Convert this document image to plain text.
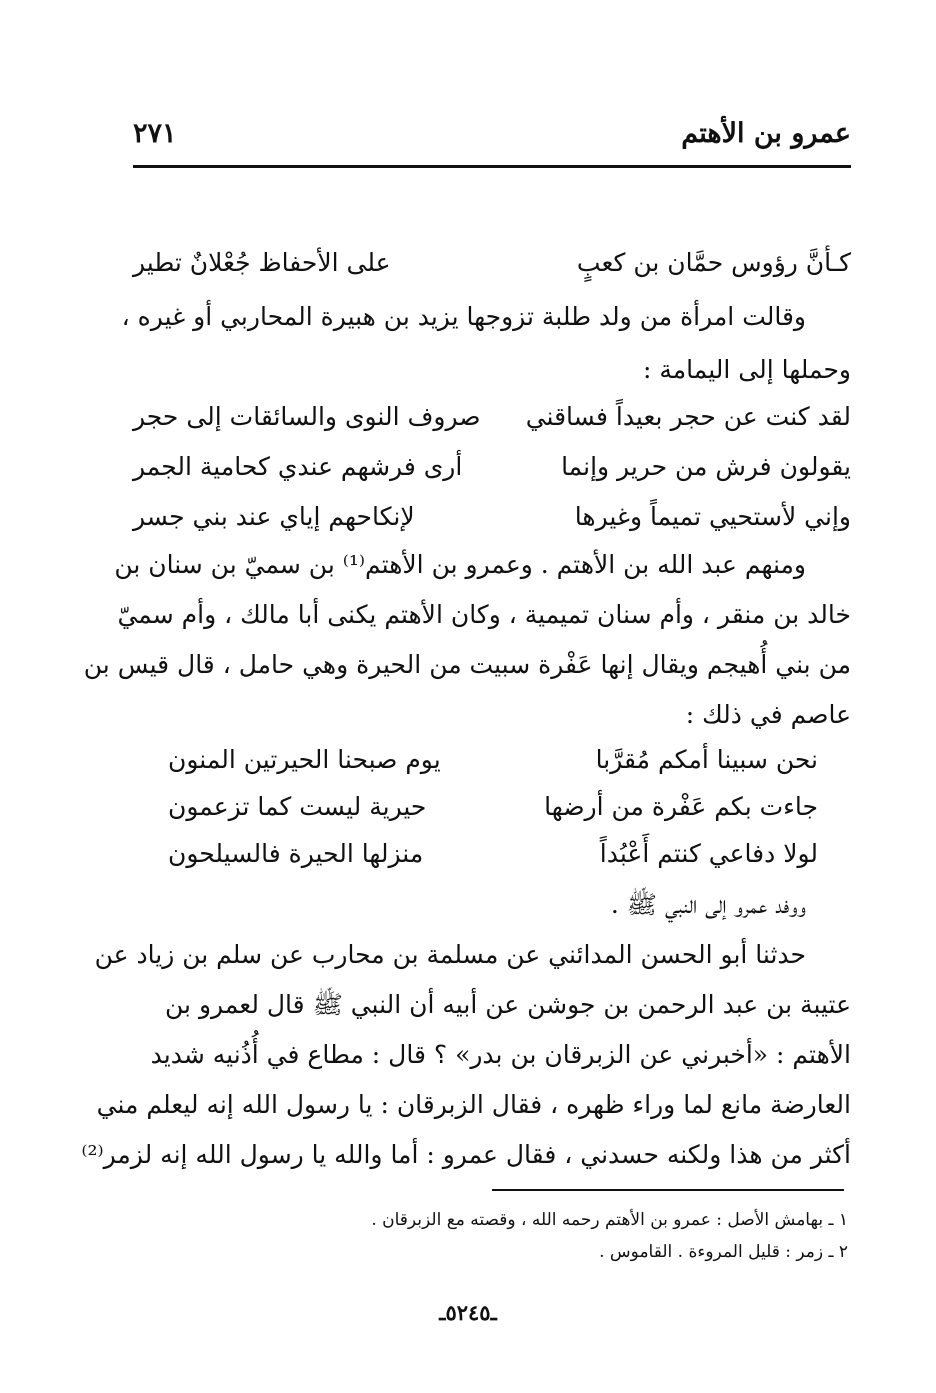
عمرو بن الأهتم
٢٧١
كـأنَّ رؤوس حمَّان بن كعبٍ
على الأحفاظ جُعْلانٌ تطير
وقالت امرأة من ولد طلبة تزوجها يزيد بن هبيرة المحاربي أو غيره ،
وحملها إلى اليمامة :
لقد كنت عن حجر بعيداً فساقني
صروف النوى والسائقات إلى حجر
يقولون فرش من حرير وإنما
أرى فرشهم عندي كحامية الجمر
وإني لأستحيي تميماً وغيرها
لإنكاحهم إياي عند بني جسر
ومنهم عبد الله بن الأهتم . وعمرو بن الأهتم⁽¹⁾ بن سميّ بن سنان بن
خالد بن منقر ، وأم سنان تميمية ، وكان الأهتم يكنى أبا مالك ، وأم سميّ
من بني أُهيجم ويقال إنها عَفْرة سبيت من الحيرة وهي حامل ، قال قيس بن
عاصم في ذلك :
نحن سبينا أمكم مُقرَّبا
يوم صبحنا الحيرتين المنون
جاءت بكم عَفْرة من أرضها
حيرية ليست كما تزعمون
لولا دفاعي كنتم أَعْبُداً
منزلها الحيرة فالسيلحون
ووفد عمرو إلى النبي ﷺ .
حدثنا أبو الحسن المدائني عن مسلمة بن محارب عن سلم بن زياد عن
عتيبة بن عبد الرحمن بن جوشن عن أبيه أن النبي ﷺ قال لعمرو بن
الأهتم : «أخبرني عن الزبرقان بن بدر» ؟ قال : مطاع في أُذُنيه شديد
العارضة مانع لما وراء ظهره ، فقال الزبرقان : يا رسول الله إنه ليعلم مني
أكثر من هذا ولكنه حسدني ، فقال عمرو : أما والله يا رسول الله إنه لزمر⁽²⁾
١ ـ بهامش الأصل : عمرو بن الأهتم رحمه الله ، وقصته مع الزبرقان .
٢ ـ زمر : قليل المروءة . القاموس .
ـ٥٢٤٥ـ
